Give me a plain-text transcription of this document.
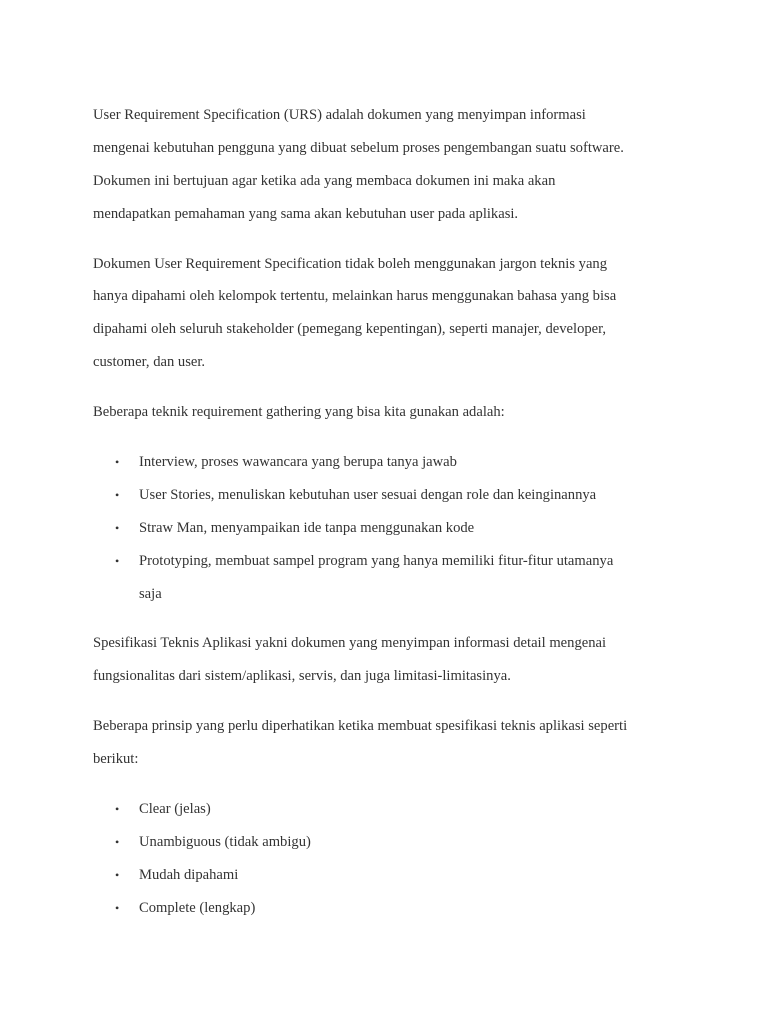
User Requirement Specification (URS) adalah dokumen yang menyimpan informasi
mengenai kebutuhan pengguna yang dibuat sebelum proses pengembangan suatu software.
Dokumen ini bertujuan agar ketika ada yang membaca dokumen ini maka akan
mendapatkan pemahaman yang sama akan kebutuhan user pada aplikasi.
Dokumen User Requirement Specification tidak boleh menggunakan jargon teknis yang
hanya dipahami oleh kelompok tertentu, melainkan harus menggunakan bahasa yang bisa
dipahami oleh seluruh stakeholder (pemegang kepentingan), seperti manajer, developer,
customer, dan user.
Beberapa teknik requirement gathering yang bisa kita gunakan adalah:
• Interview, proses wawancara yang berupa tanya jawab
• User Stories, menuliskan kebutuhan user sesuai dengan role dan keinginannya
• Straw Man, menyampaikan ide tanpa menggunakan kode
• Prototyping, membuat sampel program yang hanya memiliki fitur-fitur utamanya
saja
Spesifikasi Teknis Aplikasi yakni dokumen yang menyimpan informasi detail mengenai
fungsionalitas dari sistem/aplikasi, servis, dan juga limitasi-limitasinya.
Beberapa prinsip yang perlu diperhatikan ketika membuat spesifikasi teknis aplikasi seperti
berikut:
• Clear (jelas)
• Unambiguous (tidak ambigu)
• Mudah dipahami
• Complete (lengkap)
